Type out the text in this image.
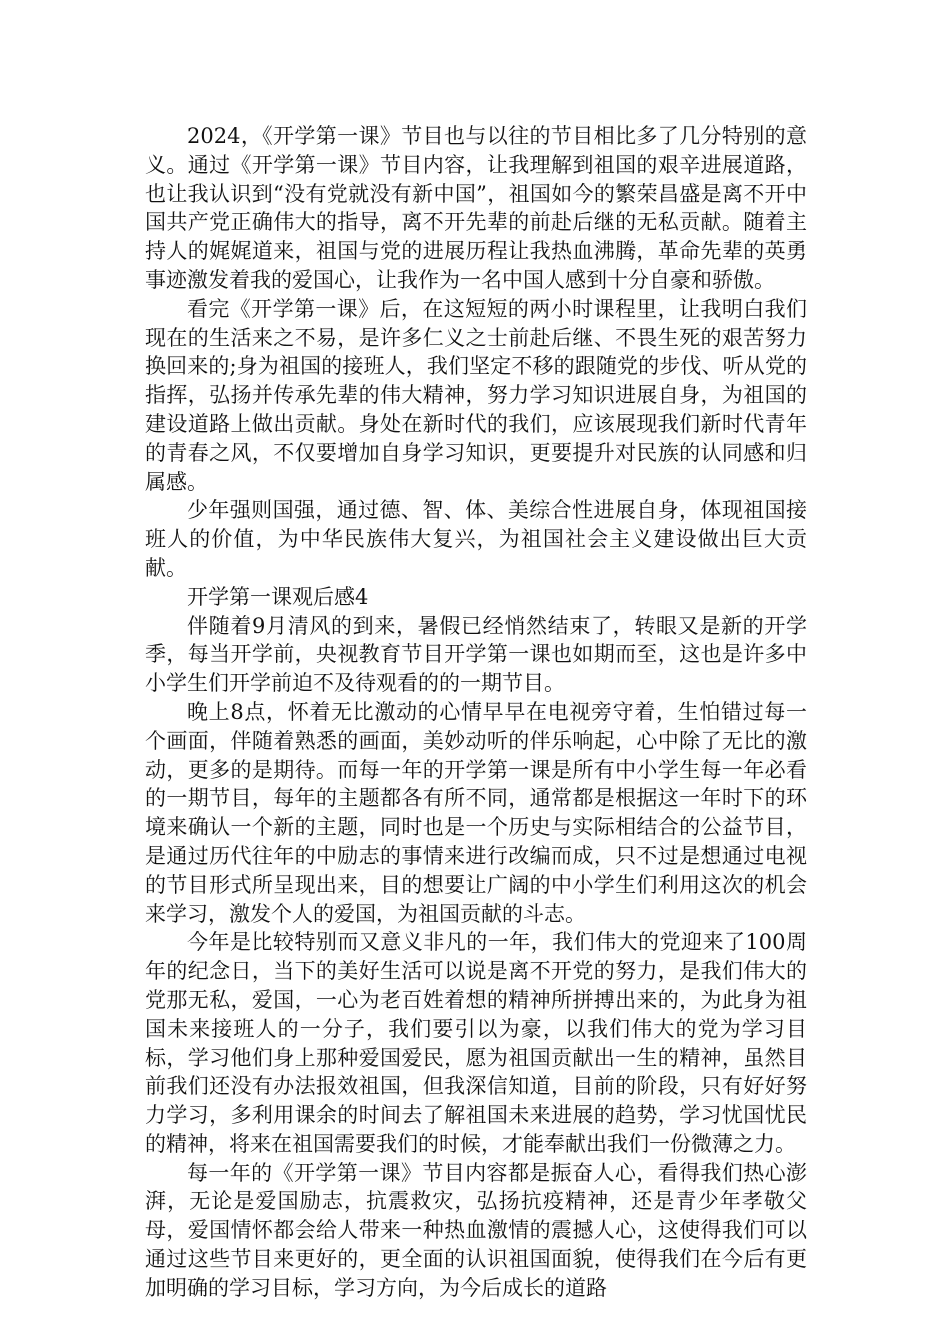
2024，《开学第一课》节目也与以往的节目相比多了几分特别的意义。通过《开学第一课》节目内容，让我理解到祖国的艰辛进展道路，也让我认识到“没有党就没有新中国”，祖国如今的繁荣昌盛是离不开中国共产党正确伟大的指导，离不开先辈的前赴后继的无私贡献。随着主持人的娓娓道来，祖国与党的进展历程让我热血沸腾，革命先辈的英勇事迹激发着我的爱国心，让我作为一名中国人感到十分自豪和骄傲。

看完《开学第一课》后，在这短短的两小时课程里，让我明白我们现在的生活来之不易，是许多仁义之士前赴后继、不畏生死的艰苦努力换回来的;身为祖国的接班人，我们坚定不移的跟随党的步伐、听从党的指挥，弘扬并传承先辈的伟大精神，努力学习知识进展自身，为祖国的建设道路上做出贡献。身处在新时代的我们，应该展现我们新时代青年的青春之风，不仅要增加自身学习知识，更要提升对民族的认同感和归属感。

少年强则国强，通过德、智、体、美综合性进展自身，体现祖国接班人的价值，为中华民族伟大复兴，为祖国社会主义建设做出巨大贡献。

开学第一课观后感4

伴随着9月清风的到来，暑假已经悄然结束了，转眼又是新的开学季，每当开学前，央视教育节目开学第一课也如期而至，这也是许多中小学生们开学前迫不及待观看的的一期节目。

晚上8点，怀着无比激动的心情早早在电视旁守着，生怕错过每一个画面，伴随着熟悉的画面，美妙动听的伴乐响起，心中除了无比的激动，更多的是期待。而每一年的开学第一课是所有中小学生每一年必看的一期节目，每年的主题都各有所不同，通常都是根据这一年时下的环境来确认一个新的主题，同时也是一个历史与实际相结合的公益节目，是通过历代往年的中励志的事情来进行改编而成，只不过是想通过电视的节目形式所呈现出来，目的想要让广阔的中小学生们利用这次的机会来学习，激发个人的爱国，为祖国贡献的斗志。

今年是比较特别而又意义非凡的一年，我们伟大的党迎来了100周年的纪念日，当下的美好生活可以说是离不开党的努力，是我们伟大的党那无私，爱国，一心为老百姓着想的精神所拼搏出来的，为此身为祖国未来接班人的一分子，我们要引以为豪，以我们伟大的党为学习目标，学习他们身上那种爱国爱民，愿为祖国贡献出一生的精神，虽然目前我们还没有办法报效祖国，但我深信知道，目前的阶段，只有好好努力学习，多利用课余的时间去了解祖国未来进展的趋势，学习忧国忧民的精神，将来在祖国需要我们的时候，才能奉献出我们一份微薄之力。

每一年的《开学第一课》节目内容都是振奋人心，看得我们热心澎湃，无论是爱国励志，抗震救灾，弘扬抗疫精神，还是青少年孝敬父母，爱国情怀都会给人带来一种热血激情的震撼人心，这使得我们可以通过这些节目来更好的，更全面的认识祖国面貌，使得我们在今后有更加明确的学习目标，学习方向，为今后成长的道路
